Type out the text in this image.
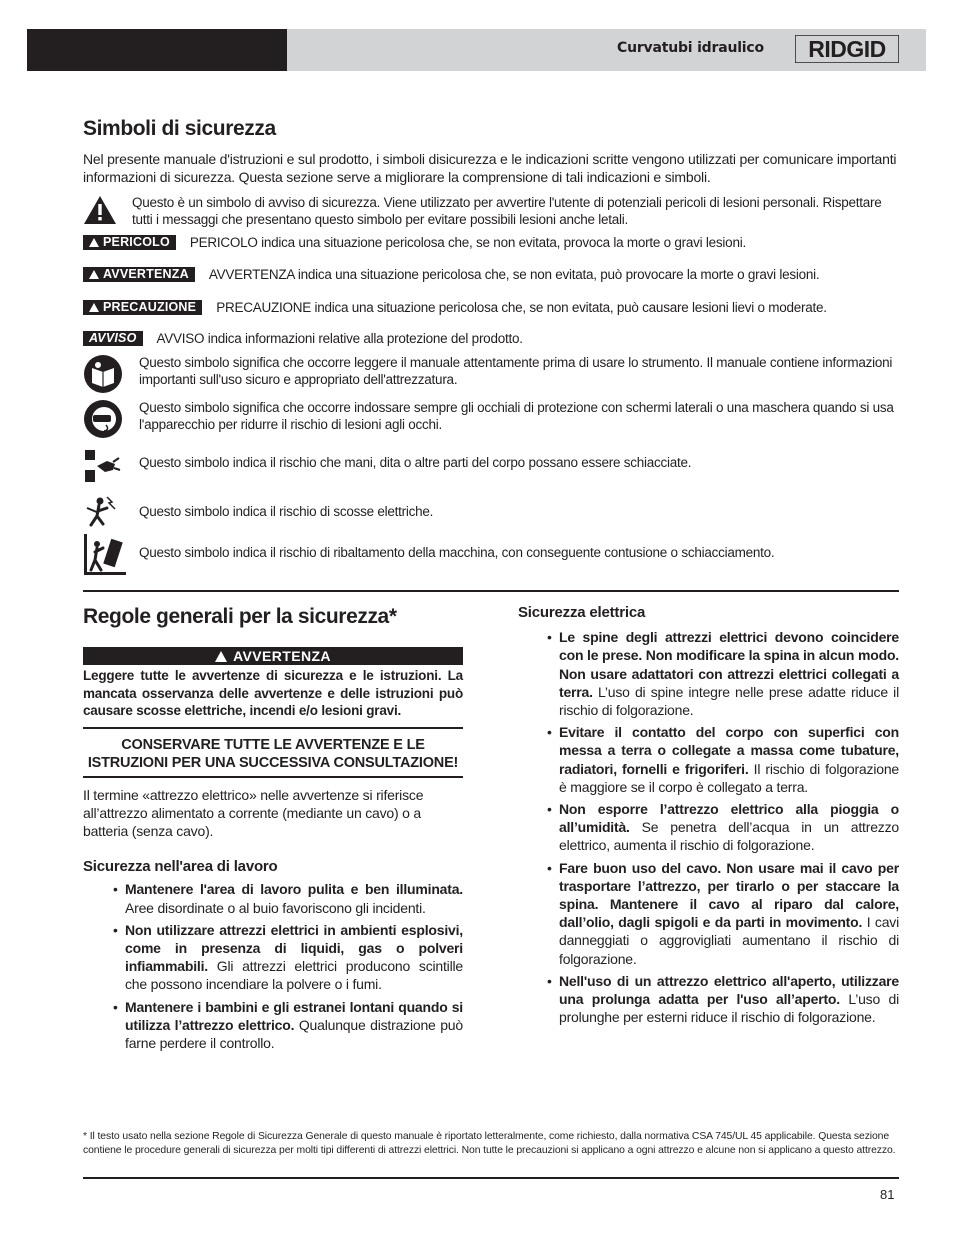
Curvatubi idraulico RIDGID
Simboli di sicurezza
Nel presente manuale d'istruzioni e sul prodotto, i simboli disicurezza e le indicazioni scritte vengono utilizzati per comunicare importanti informazioni di sicurezza. Questa sezione serve a migliorare la comprensione di tali indicazioni e simboli.
Questo è un simbolo di avviso di sicurezza. Viene utilizzato per avvertire l'utente di potenziali pericoli di lesioni personali. Rispettare tutti i messaggi che presentano questo simbolo per evitare possibili lesioni anche letali.
PERICOLO PERICOLO indica una situazione pericolosa che, se non evitata, provoca la morte o gravi lesioni.
AVVERTENZA AVVERTENZA indica una situazione pericolosa che, se non evitata, può provocare la morte o gravi lesioni.
PRECAUZIONE PRECAUZIONE indica una situazione pericolosa che, se non evitata, può causare lesioni lievi o moderate.
AVVISO AVVISO indica informazioni relative alla protezione del prodotto.
Questo simbolo significa che occorre leggere il manuale attentamente prima di usare lo strumento. Il manuale contiene informazioni importanti sull'uso sicuro e appropriato dell'attrezzatura.
Questo simbolo significa che occorre indossare sempre gli occhiali di protezione con schermi laterali o una maschera quando si usa l'apparecchio per ridurre il rischio di lesioni agli occhi.
Questo simbolo indica il rischio che mani, dita o altre parti del corpo possano essere schiacciate.
Questo simbolo indica il rischio di scosse elettriche.
Questo simbolo indica il rischio di ribaltamento della macchina, con conseguente contusione o schiacciamento.
Regole generali per la sicurezza*
AVVERTENZA

Leggere tutte le avvertenze di sicurezza e le istruzioni. La mancata osservanza delle avvertenze e delle istruzioni può causare scosse elettriche, incendi e/o lesioni gravi.

CONSERVARE TUTTE LE AVVERTENZE E LE ISTRUZIONI PER UNA SUCCESSIVA CONSULTAZIONE!

Il termine «attrezzo elettrico» nelle avvertenze si riferisce all’attrezzo alimentato a corrente (mediante un cavo) o a batteria (senza cavo).

Sicurezza nell'area di lavoro
• Mantenere l'area di lavoro pulita e ben illuminata. Aree disordinate o al buio favoriscono gli incidenti.
• Non utilizzare attrezzi elettrici in ambienti esplosivi, come in presenza di liquidi, gas o polveri infiammabili. Gli attrezzi elettrici producono scintille che possono incendiare la polvere o i fumi.
• Mantenere i bambini e gli estranei lontani quando si utilizza l’attrezzo elettrico. Qualunque distrazione può farne perdere il controllo.
Sicurezza elettrica
• Le spine degli attrezzi elettrici devono coincidere con le prese. Non modificare la spina in alcun modo. Non usare adattatori con attrezzi elettrici collegati a terra. L’uso di spine integre nelle prese adatte riduce il rischio di folgorazione.
• Evitare il contatto del corpo con superfici con messa a terra o collegate a massa come tubature, radiatori, fornelli e frigoriferi. Il rischio di folgorazione è maggiore se il corpo è collegato a terra.
• Non esporre l’attrezzo elettrico alla pioggia o all’umidità. Se penetra dell’acqua in un attrezzo elettrico, aumenta il rischio di folgorazione.
• Fare buon uso del cavo. Non usare mai il cavo per trasportare l’attrezzo, per tirarlo o per staccare la spina. Mantenere il cavo al riparo dal calore, dall’olio, dagli spigoli e da parti in movimento. I cavi danneggiati o aggrovigliati aumentano il rischio di folgorazione.
• Nell'uso di un attrezzo elettrico all'aperto, utilizzare una prolunga adatta per l'uso all’aperto. L’uso di prolunghe per esterni riduce il rischio di folgorazione.
* Il testo usato nella sezione Regole di Sicurezza Generale di questo manuale è riportato letteralmente, come richiesto, dalla normativa CSA 745/UL 45 applicabile. Questa sezione contiene le procedure generali di sicurezza per molti tipi differenti di attrezzi elettrici. Non tutte le precauzioni si applicano a ogni attrezzo e alcune non si applicano a questo attrezzo.
81
